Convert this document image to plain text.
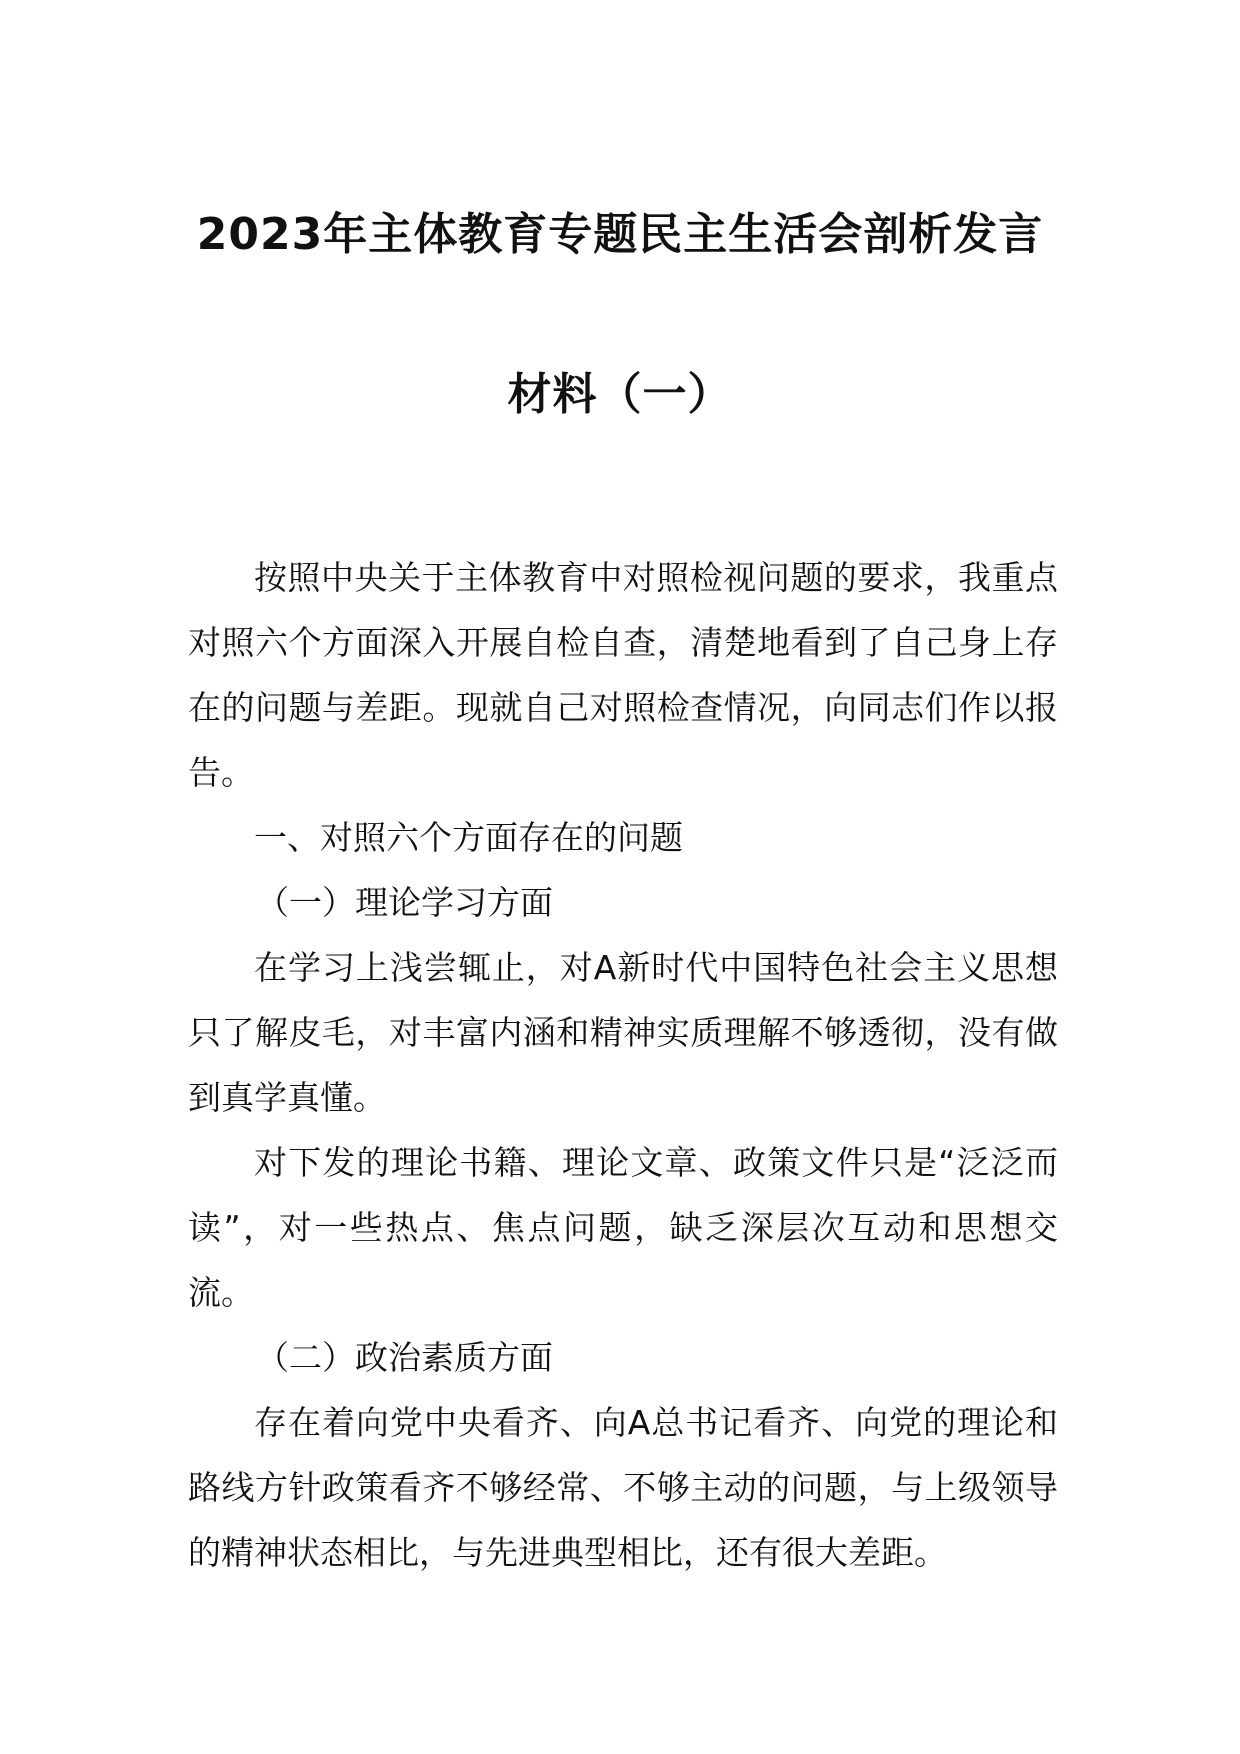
2023年主体教育专题民主生活会剖析发言
材料（一）

按照中央关于主体教育中对照检视问题的要求，我重点对照六个方面深入开展自检自查，清楚地看到了自己身上存在的问题与差距。现就自己对照检查情况，向同志们作以报告。

一、对照六个方面存在的问题

（一）理论学习方面

在学习上浅尝辄止，对A新时代中国特色社会主义思想只了解皮毛，对丰富内涵和精神实质理解不够透彻，没有做到真学真懂。

对下发的理论书籍、理论文章、政策文件只是“泛泛而读”，对一些热点、焦点问题，缺乏深层次互动和思想交流。

（二）政治素质方面

存在着向党中央看齐、向A总书记看齐、向党的理论和路线方针政策看齐不够经常、不够主动的问题，与上级领导的精神状态相比，与先进典型相比，还有很大差距。
